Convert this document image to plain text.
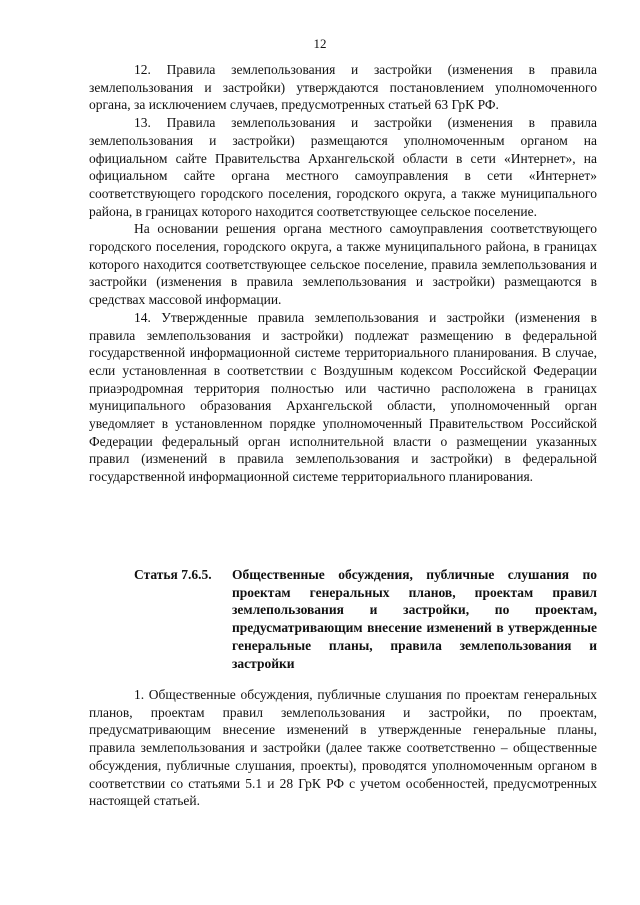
12

12. Правила землепользования и застройки (изменения в правила землепользования и застройки) утверждаются постановлением уполномоченного органа, за исключением случаев, предусмотренных статьей 63 ГрК РФ.

13. Правила землепользования и застройки (изменения в правила землепользования и застройки) размещаются уполномоченным органом на официальном сайте Правительства Архангельской области в сети «Интернет», на официальном сайте органа местного самоуправления в сети «Интернет» соответствующего городского поселения, городского округа, а также муниципального района, в границах которого находится соответствующее сельское поселение.

На основании решения органа местного самоуправления соответствующего городского поселения, городского округа, а также муниципального района, в границах которого находится соответствующее сельское поселение, правила землепользования и застройки (изменения в правила землепользования и застройки) размещаются в средствах массовой информации.

14. Утвержденные правила землепользования и застройки (изменения в правила землепользования и застройки) подлежат размещению в федеральной государственной информационной системе территориального планирования. В случае, если установленная в соответствии с Воздушным кодексом Российской Федерации приаэродромная территория полностью или частично расположена в границах муниципального образования Архангельской области, уполномоченный орган уведомляет в установленном порядке уполномоченный Правительством Российской Федерации федеральный орган исполнительной власти о размещении указанных правил (изменений в правила землепользования и застройки) в федеральной государственной информационной системе территориального планирования.

Статья 7.6.5.	Общественные обсуждения, публичные слушания по проектам генеральных планов, проектам правил землепользования и застройки, по проектам, предусматривающим внесение изменений в утвержденные генеральные планы, правила землепользования и застройки

1. Общественные обсуждения, публичные слушания по проектам генеральных планов, проектам правил землепользования и застройки, по проектам, предусматривающим внесение изменений в утвержденные генеральные планы, правила землепользования и застройки (далее также соответственно – общественные обсуждения, публичные слушания, проекты), проводятся уполномоченным органом в соответствии со статьями 5.1 и 28 ГрК РФ с учетом особенностей, предусмотренных настоящей статьей.
